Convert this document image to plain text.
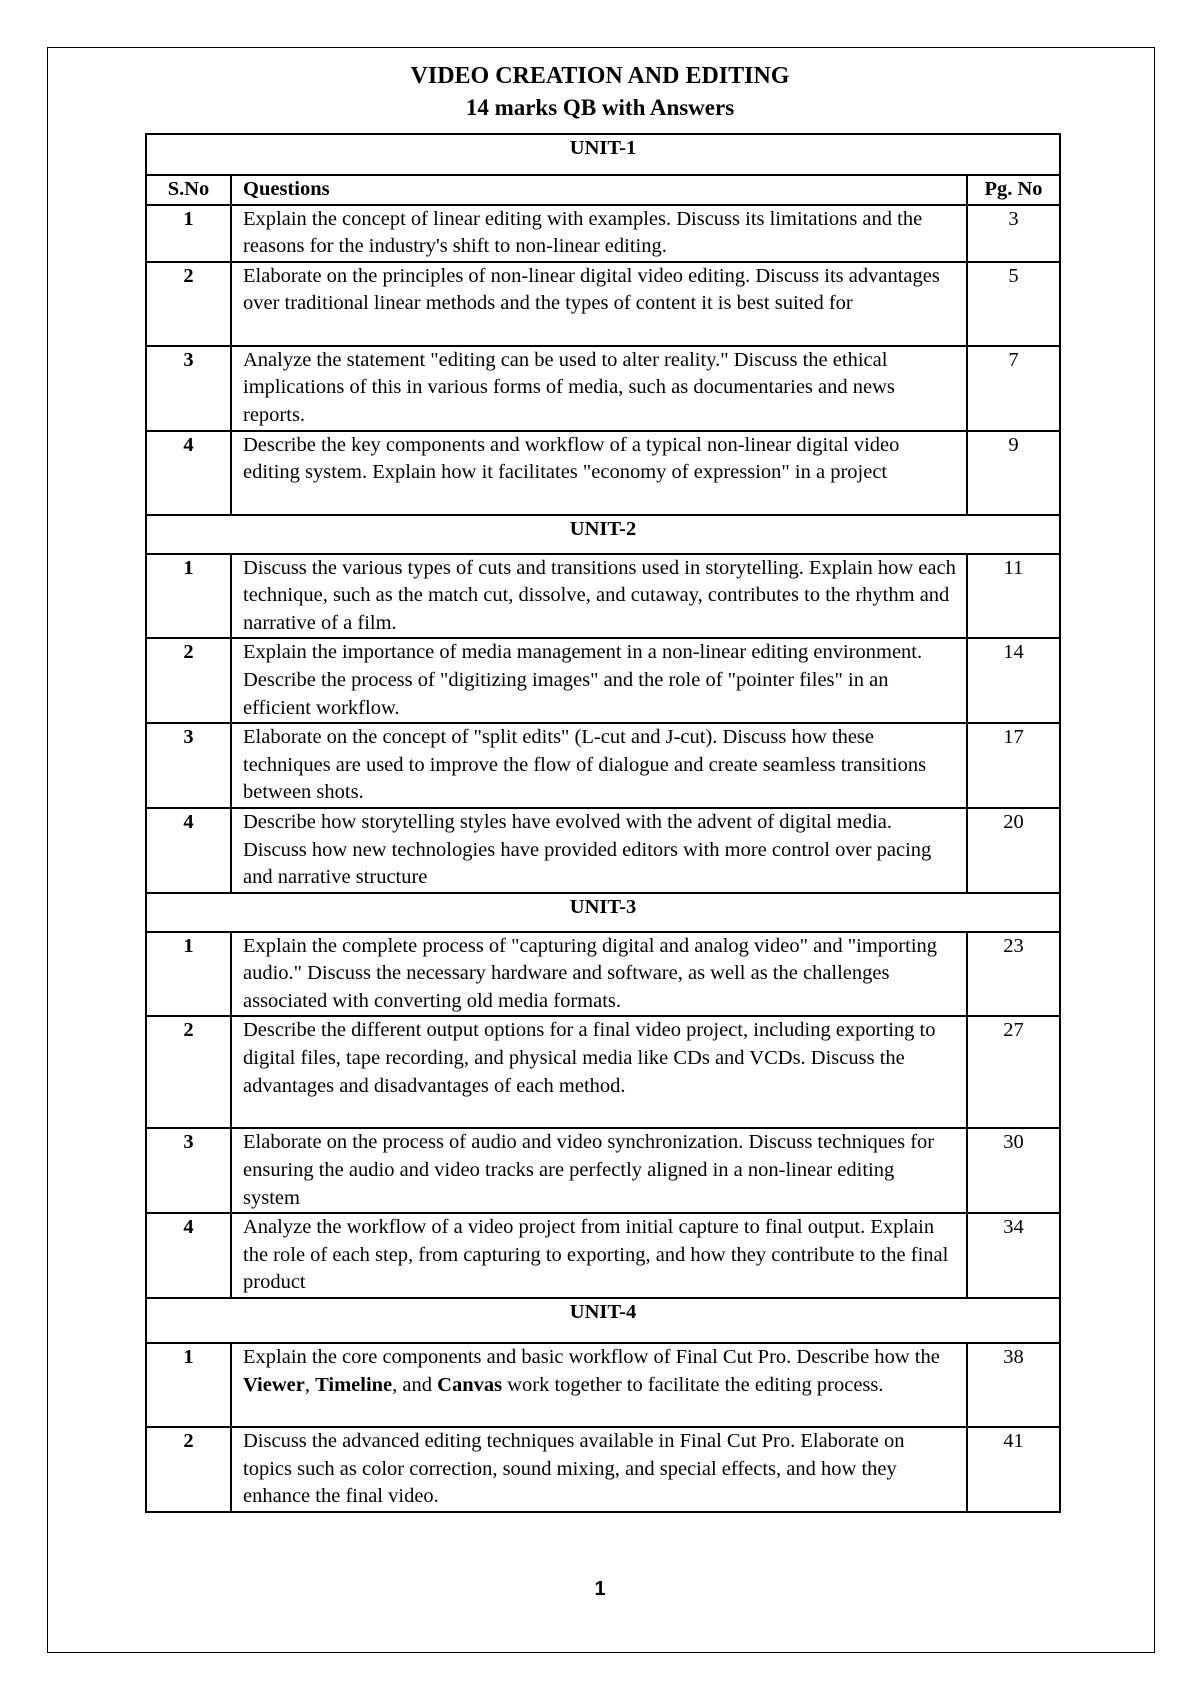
VIDEO CREATION AND EDITING
14 marks QB with Answers
UNIT-1		
S.No	Questions	Pg. No
1	Explain the concept of linear editing with examples. Discuss its limitations and the reasons for the industry's shift to non-linear editing.	3
2	Elaborate on the principles of non-linear digital video editing. Discuss its advantages over traditional linear methods and the types of content it is best suited for	5
3	Analyze the statement "editing can be used to alter reality." Discuss the ethical implications of this in various forms of media, such as documentaries and news reports.	7
4	Describe the key components and workflow of a typical non-linear digital video editing system. Explain how it facilitates "economy of expression" in a project	9
UNIT-2		
1	Discuss the various types of cuts and transitions used in storytelling. Explain how each technique, such as the match cut, dissolve, and cutaway, contributes to the rhythm and narrative of a film.	11
2	Explain the importance of media management in a non-linear editing environment. Describe the process of "digitizing images" and the role of "pointer files" in an efficient workflow.	14
3	Elaborate on the concept of "split edits" (L-cut and J-cut). Discuss how these techniques are used to improve the flow of dialogue and create seamless transitions between shots.	17
4	Describe how storytelling styles have evolved with the advent of digital media. Discuss how new technologies have provided editors with more control over pacing and narrative structure	20
UNIT-3		
1	Explain the complete process of "capturing digital and analog video" and "importing audio." Discuss the necessary hardware and software, as well as the challenges associated with converting old media formats.	23
2	Describe the different output options for a final video project, including exporting to digital files, tape recording, and physical media like CDs and VCDs. Discuss the advantages and disadvantages of each method.	27
3	Elaborate on the process of audio and video synchronization. Discuss techniques for ensuring the audio and video tracks are perfectly aligned in a non-linear editing system	30
4	Analyze the workflow of a video project from initial capture to final output. Explain the role of each step, from capturing to exporting, and how they contribute to the final product	34
UNIT-4		
1	Explain the core components and basic workflow of Final Cut Pro. Describe how the Viewer, Timeline, and Canvas work together to facilitate the editing process.	38
2	Discuss the advanced editing techniques available in Final Cut Pro. Elaborate on topics such as color correction, sound mixing, and special effects, and how they enhance the final video.	41
1
